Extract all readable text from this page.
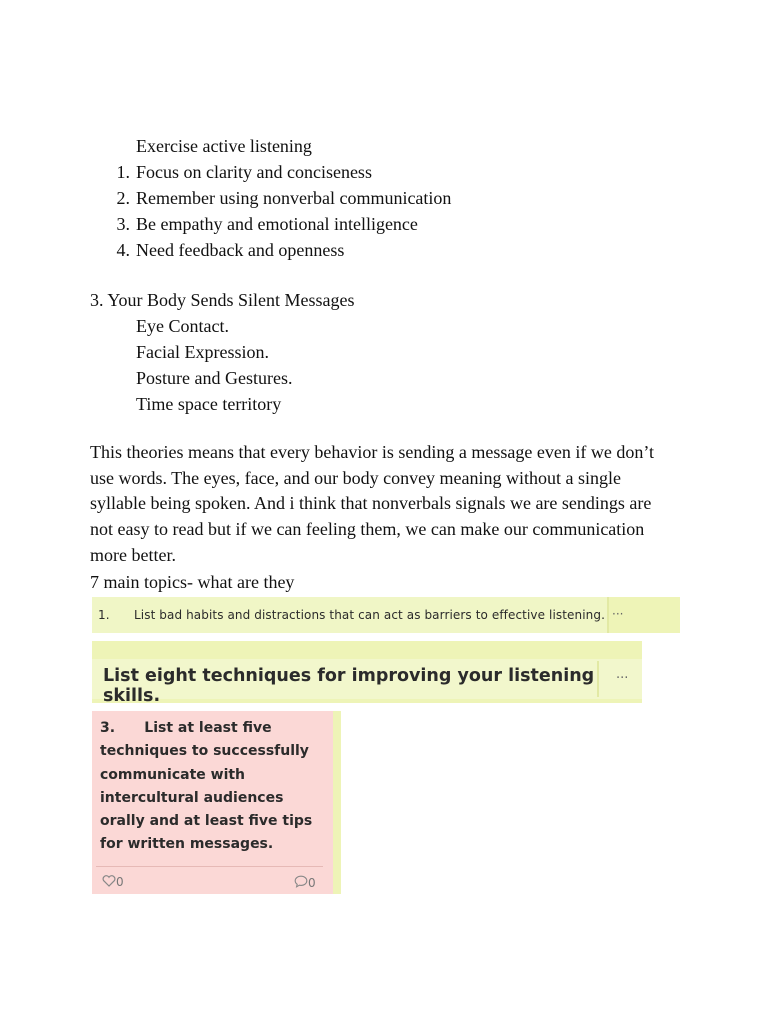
Exercise active listening
1. Focus on clarity and conciseness
2. Remember using nonverbal communication
3. Be empathy and emotional intelligence
4. Need feedback and openness
3. Your Body Sends Silent Messages
Eye Contact.
Facial Expression.
Posture and Gestures.
Time space territory
This theories means that every behavior is sending a message even if we don’t use words. The eyes, face, and our body convey meaning without a single syllable being spoken. And i think that nonverbals signals we are sendings are not easy to read but if we can feeling them, we can make our communication more better.
7 main topics- what are they
1. List bad habits and distractions that can act as barriers to effective listening. ···
List eight techniques for improving your listening skills.
···
3.      List at least five techniques to successfully communicate with intercultural audiences orally and at least five tips for written messages.
0	0
